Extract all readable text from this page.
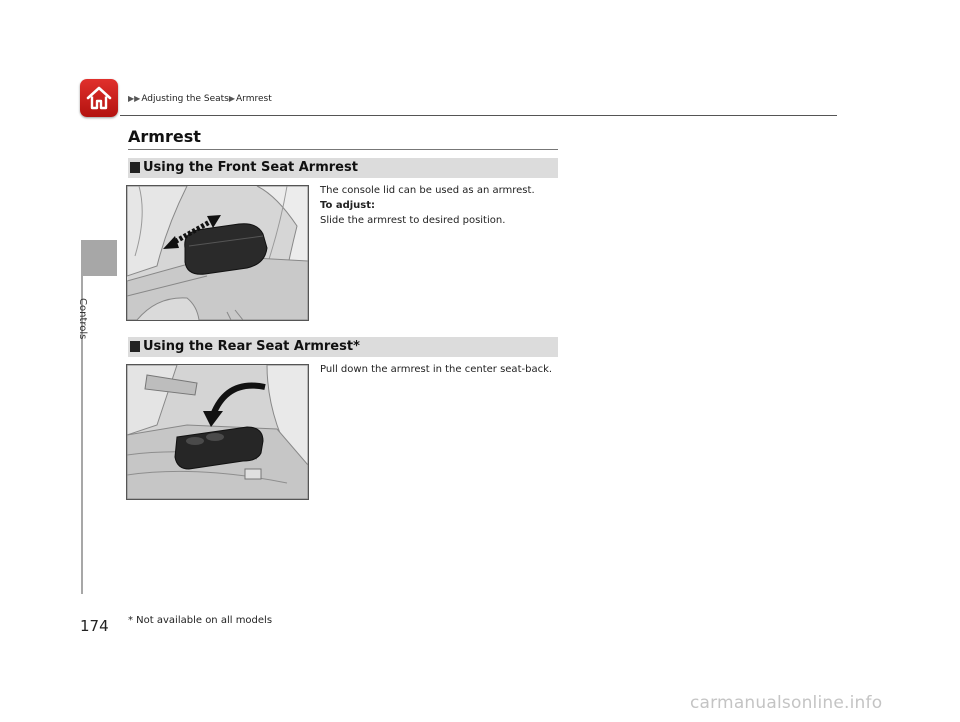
▶▶Adjusting the Seats▶Armrest
Controls
Armrest
Using the Front Seat Armrest
The console lid can be used as an armrest.
To adjust:
Slide the armrest to desired position.
Using the Rear Seat Armrest*
Pull down the armrest in the center seat-back.
174 * Not available on all models
carmanualsonline.info
